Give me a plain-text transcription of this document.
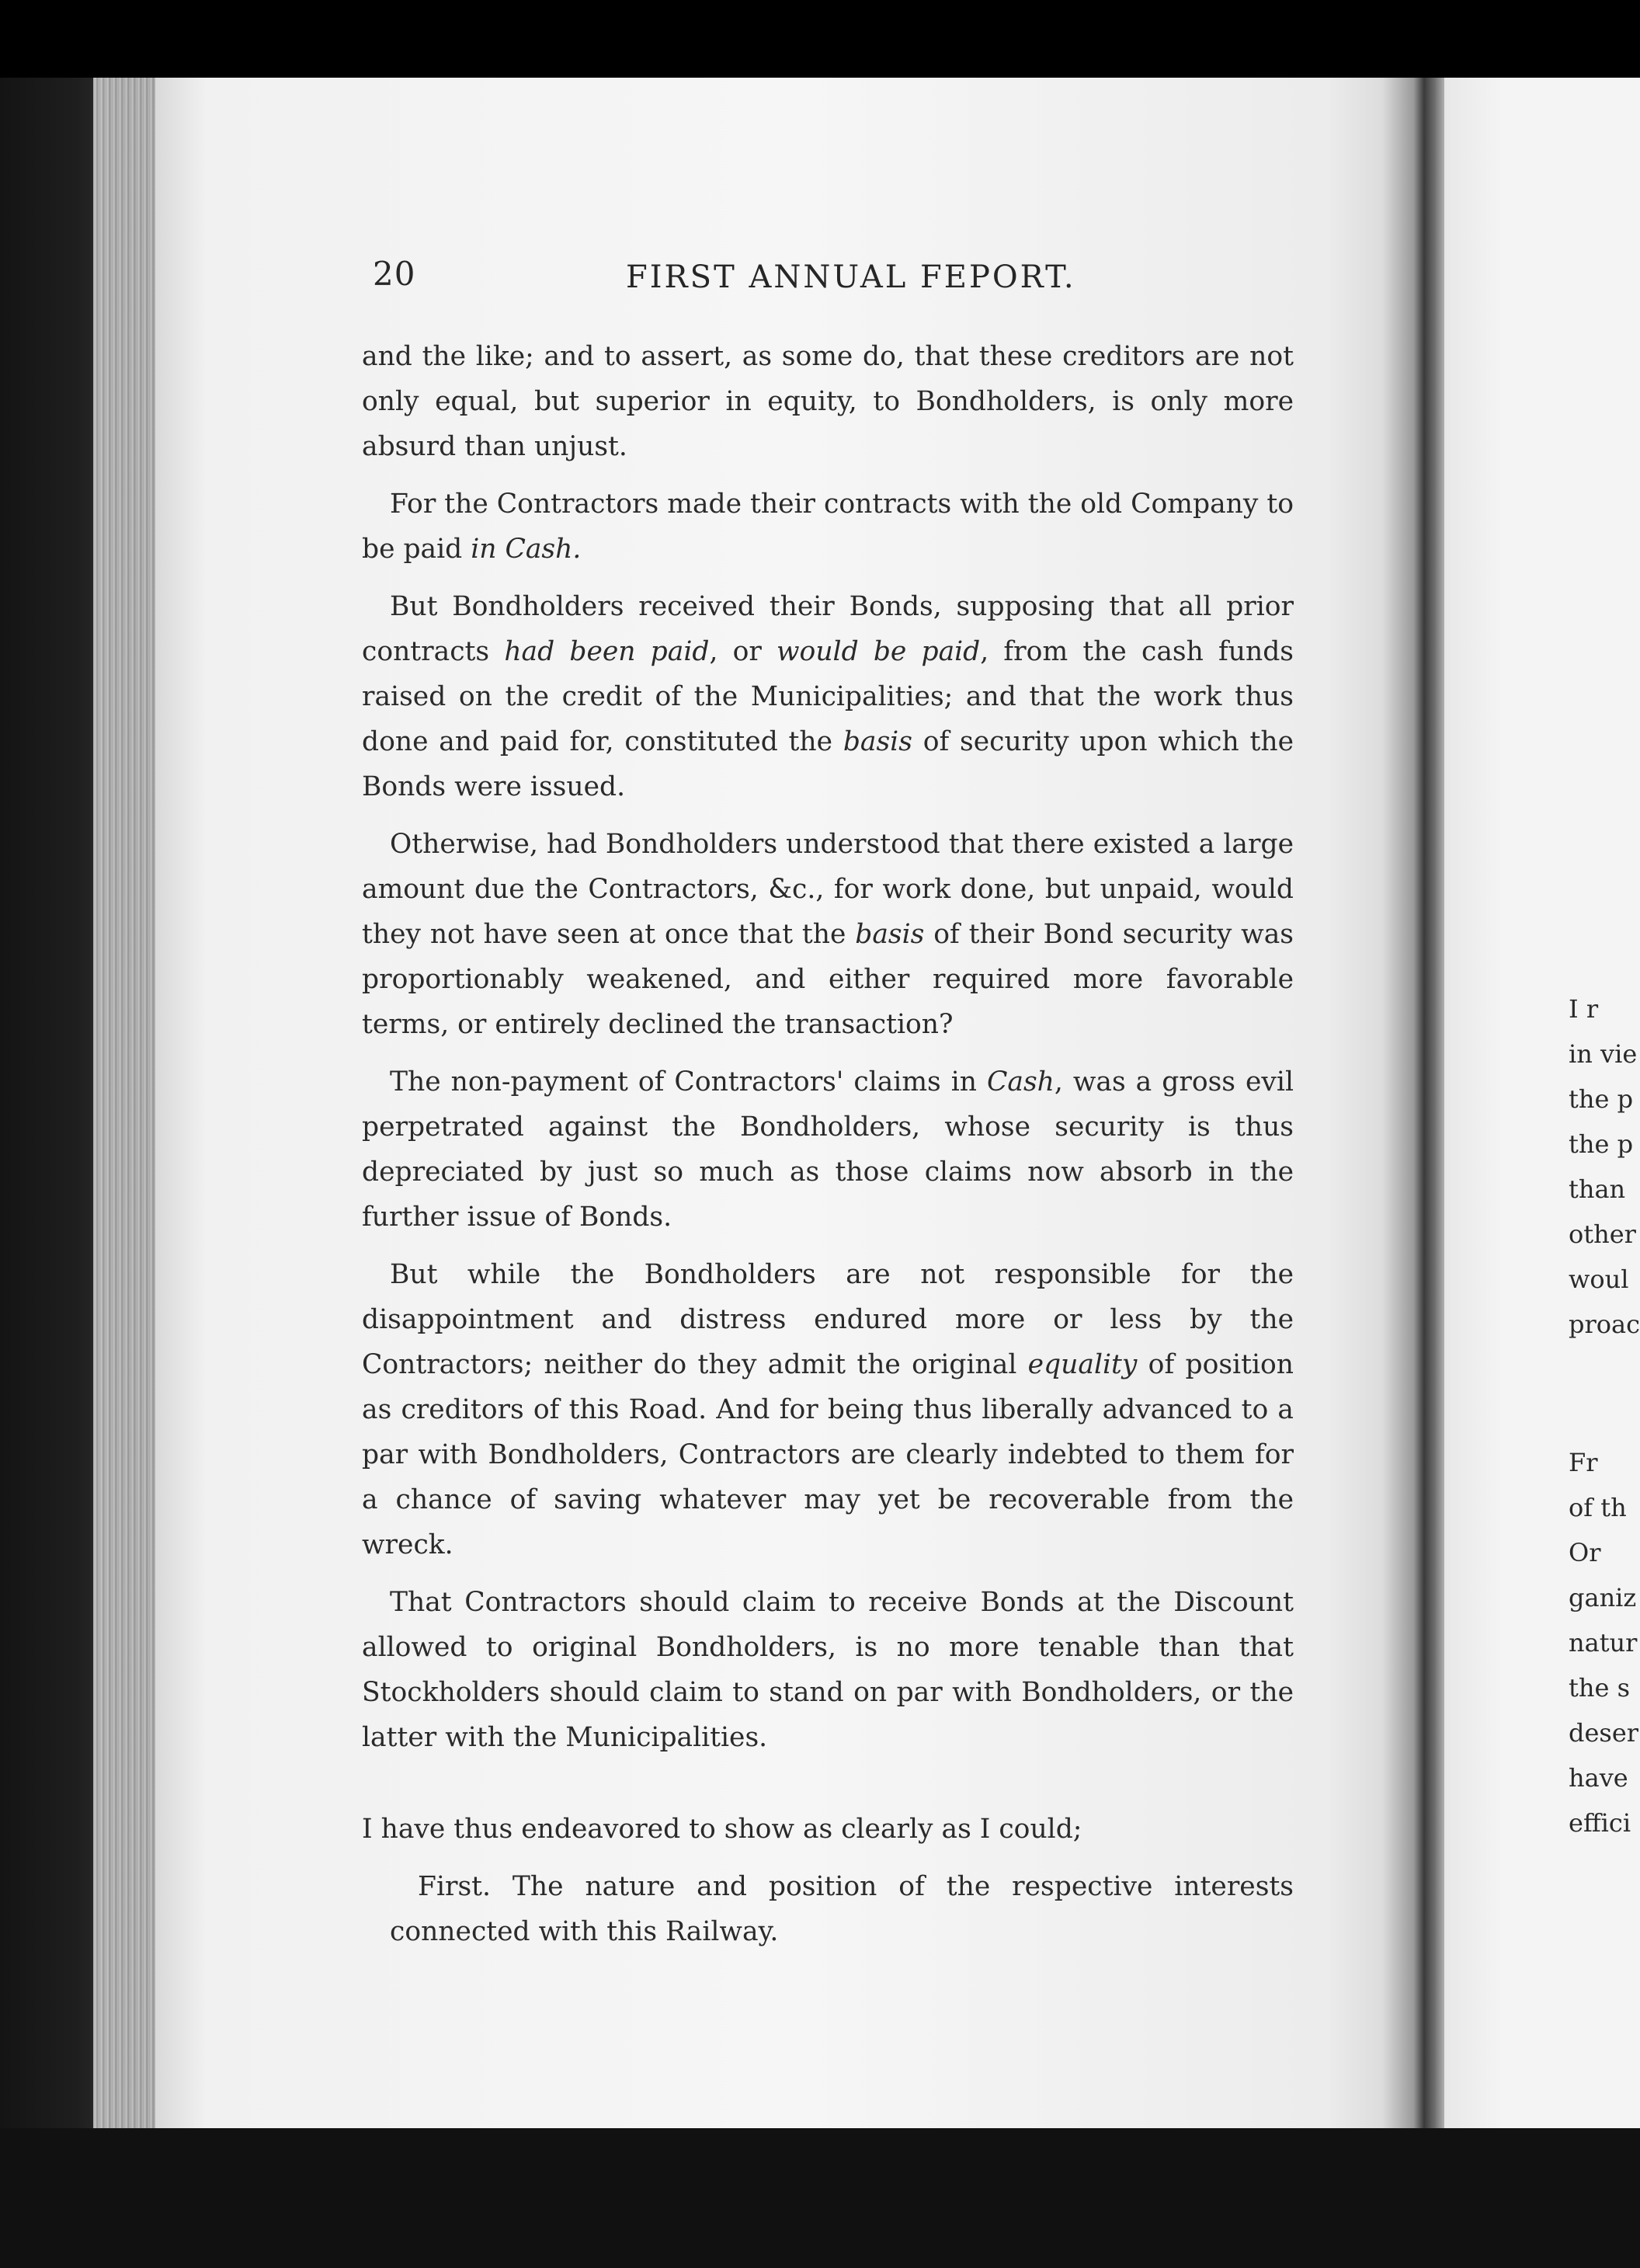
20	FIRST ANNUAL FEPORT.

and the like; and to assert, as some do, that these creditors are not only equal, but superior in equity, to Bondholders, is only more absurd than unjust.

For the Contractors made their contracts with the old Company to be paid in Cash.

But Bondholders received their Bonds, supposing that all prior contracts had been paid, or would be paid, from the cash funds raised on the credit of the Municipalities; and that the work thus done and paid for, constituted the basis of security upon which the Bonds were issued.

Otherwise, had Bondholders understood that there existed a large amount due the Contractors, &c., for work done, but unpaid, would they not have seen at once that the basis of their Bond security was proportionably weakened, and either required more favorable terms, or entirely declined the transaction?

The non-payment of Contractors' claims in Cash, was a gross evil perpetrated against the Bondholders, whose security is thus depreciated by just so much as those claims now absorb in the further issue of Bonds.

But while the Bondholders are not responsible for the disappointment and distress endured more or less by the Contractors; neither do they admit the original equality of position as creditors of this Road. And for being thus liberally advanced to a par with Bondholders, Contractors are clearly indebted to them for a chance of saving whatever may yet be recoverable from the wreck.

That Contractors should claim to receive Bonds at the Discount allowed to original Bondholders, is no more tenable than that Stockholders should claim to stand on par with Bondholders, or the latter with the Municipalities.

I have thus endeavored to show as clearly as I could;

First. The nature and position of the respective interests connected with this Railway.

I r
in vie
the p
the p
than
other
woul
proac
Fr
of th
Or
ganiz
natur
the s
deser
have
effici
